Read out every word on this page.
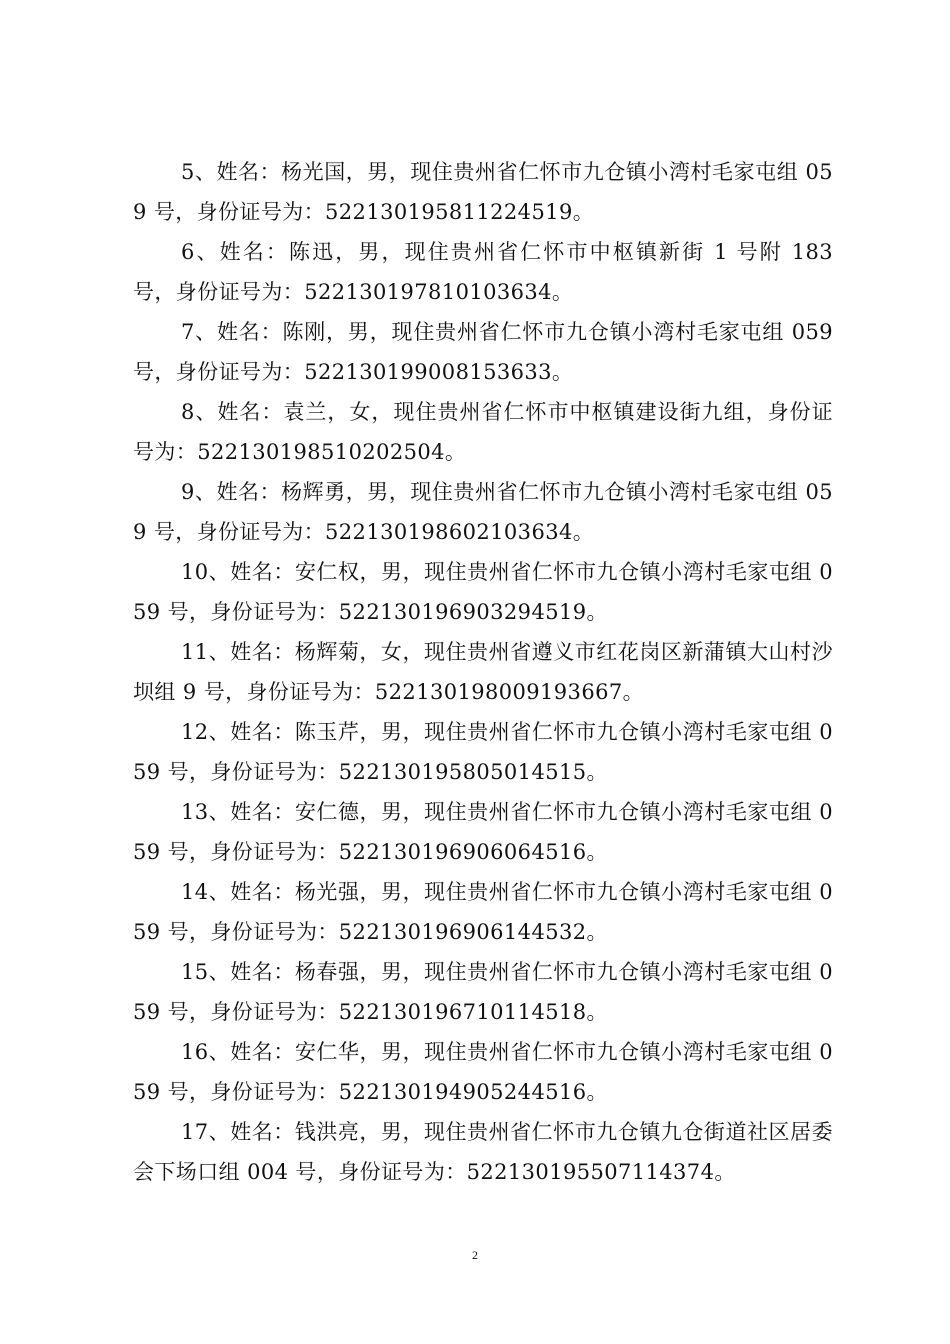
5、姓名：杨光国，男，现住贵州省仁怀市九仓镇小湾村毛家屯组 059 号，身份证号为：522130195811224519。

6、姓名：陈迅，男，现住贵州省仁怀市中枢镇新街 1 号附 183 号，身份证号为：522130197810103634。

7、姓名：陈刚，男，现住贵州省仁怀市九仓镇小湾村毛家屯组 059 号，身份证号为：522130199008153633。

8、姓名：袁兰，女，现住贵州省仁怀市中枢镇建设街九组，身份证号为：522130198510202504。

9、姓名：杨辉勇，男，现住贵州省仁怀市九仓镇小湾村毛家屯组 059 号，身份证号为：522130198602103634。

10、姓名：安仁权，男，现住贵州省仁怀市九仓镇小湾村毛家屯组 059 号，身份证号为：522130196903294519。

11、姓名：杨辉菊，女，现住贵州省遵义市红花岗区新蒲镇大山村沙坝组 9 号，身份证号为：522130198009193667。

12、姓名：陈玉芹，男，现住贵州省仁怀市九仓镇小湾村毛家屯组 059 号，身份证号为：522130195805014515。

13、姓名：安仁德，男，现住贵州省仁怀市九仓镇小湾村毛家屯组 059 号，身份证号为：522130196906064516。

14、姓名：杨光强，男，现住贵州省仁怀市九仓镇小湾村毛家屯组 059 号，身份证号为：522130196906144532。

15、姓名：杨春强，男，现住贵州省仁怀市九仓镇小湾村毛家屯组 059 号，身份证号为：522130196710114518。

16、姓名：安仁华，男，现住贵州省仁怀市九仓镇小湾村毛家屯组 059 号，身份证号为：522130194905244516。

17、姓名：钱洪亮，男，现住贵州省仁怀市九仓镇九仓街道社区居委会下场口组 004 号，身份证号为：522130195507114374。

2
